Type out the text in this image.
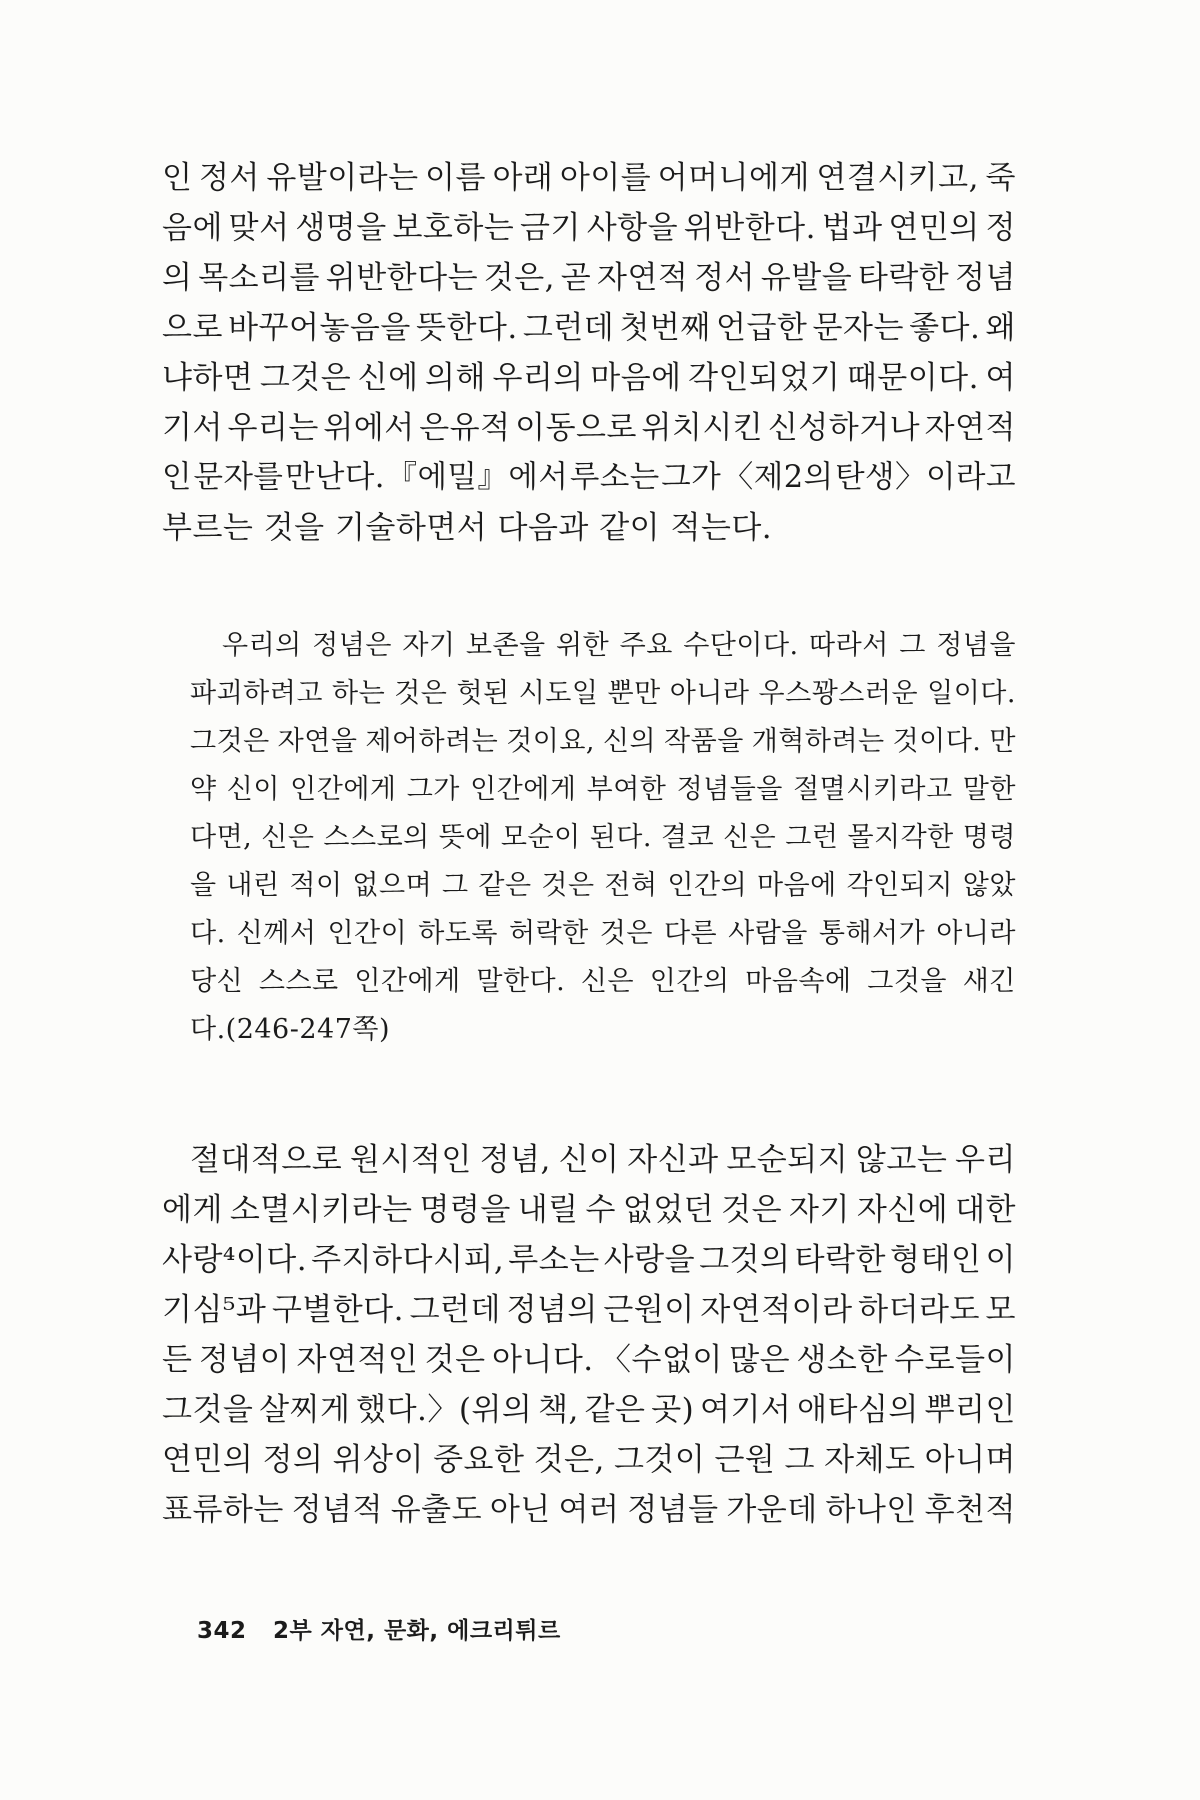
인 정서 유발이라는 이름 아래 아이를 어머니에게 연결시키고, 죽
음에 맞서 생명을 보호하는 금기 사항을 위반한다. 법과 연민의 정
의 목소리를 위반한다는 것은, 곧 자연적 정서 유발을 타락한 정념
으로 바꾸어놓음을 뜻한다. 그런데 첫번째 언급한 문자는 좋다. 왜
냐하면 그것은 신에 의해 우리의 마음에 각인되었기 때문이다. 여
기서 우리는 위에서 은유적 이동으로 위치시킨 신성하거나 자연적
인 문자를 만난다. 『에밀』에서 루소는 그가 〈제2의 탄생〉이라고
부르는 것을 기술하면서 다음과 같이 적는다.
우리의 정념은 자기 보존을 위한 주요 수단이다. 따라서 그 정념을
파괴하려고 하는 것은 헛된 시도일 뿐만 아니라 우스꽝스러운 일이다.
그것은 자연을 제어하려는 것이요, 신의 작품을 개혁하려는 것이다. 만
약 신이 인간에게 그가 인간에게 부여한 정념들을 절멸시키라고 말한
다면, 신은 스스로의 뜻에 모순이 된다. 결코 신은 그런 몰지각한 명령
을 내린 적이 없으며 그 같은 것은 전혀 인간의 마음에 각인되지 않았
다. 신께서 인간이 하도록 허락한 것은 다른 사람을 통해서가 아니라
당신 스스로 인간에게 말한다. 신은 인간의 마음속에 그것을 새긴
다.(246-247쪽)
절대적으로 원시적인 정념, 신이 자신과 모순되지 않고는 우리
에게 소멸시키라는 명령을 내릴 수 없었던 것은 자기 자신에 대한
사랑⁴이다. 주지하다시피, 루소는 사랑을 그것의 타락한 형태인 이
기심⁵과 구별한다. 그런데 정념의 근원이 자연적이라 하더라도 모
든 정념이 자연적인 것은 아니다. 〈수없이 많은 생소한 수로들이
그것을 살찌게 했다.〉(위의 책, 같은 곳) 여기서 애타심의 뿌리인
연민의 정의 위상이 중요한 것은, 그것이 근원 그 자체도 아니며
표류하는 정념적 유출도 아닌 여러 정념들 가운데 하나인 후천적
342 2부 자연, 문화, 에크리튀르
